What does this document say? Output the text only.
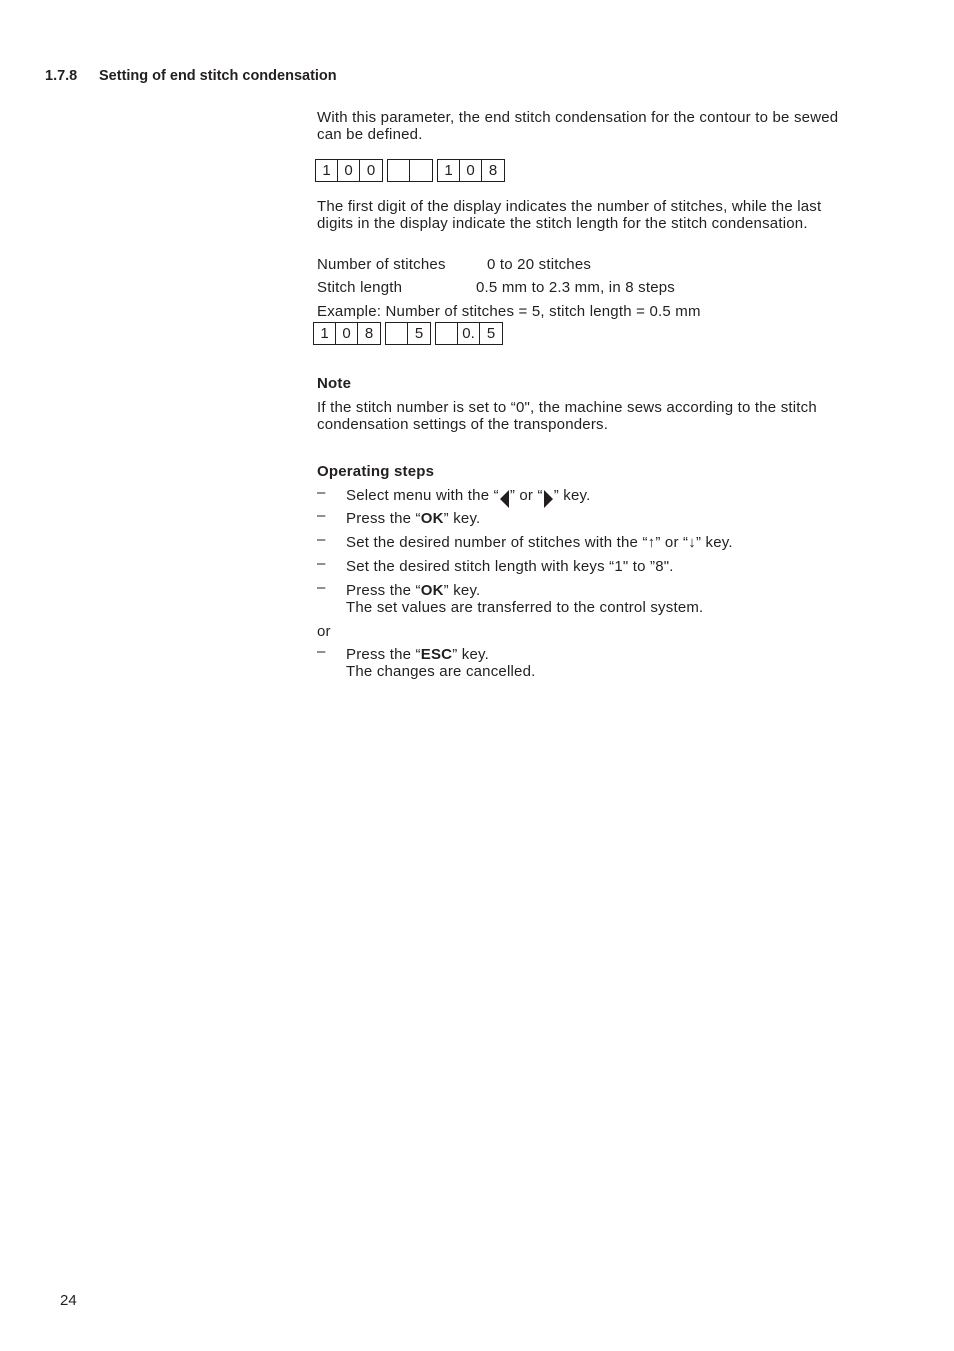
1.7.8 Setting of end stitch condensation

With this parameter, the end stitch condensation for the contour to be sewed can be defined.

1 0 0	1 0 8

The first digit of the display indicates the number of stitches, while the last digits in the display indicate the stitch length for the stitch condensation.

Number of stitches	0 to 20 stitches
Stitch length	0.5 mm to 2.3 mm, in 8 steps
Example: Number of stitches = 5, stitch length = 0.5 mm
1 0 8	5	0. 5

Note

If the stitch number is set to “0", the machine sews according to the stitch condensation settings of the transponders.

Operating steps
– Select menu with the “ ” or “ ” key.
– Press the “OK” key.
– Set the desired number of stitches with the “↑” or “↓” key.
– Set the desired stitch length with keys “1" to ”8".
– Press the “OK” key.
The set values are transferred to the control system.
or
– Press the “ESC” key.
The changes are cancelled.
24
